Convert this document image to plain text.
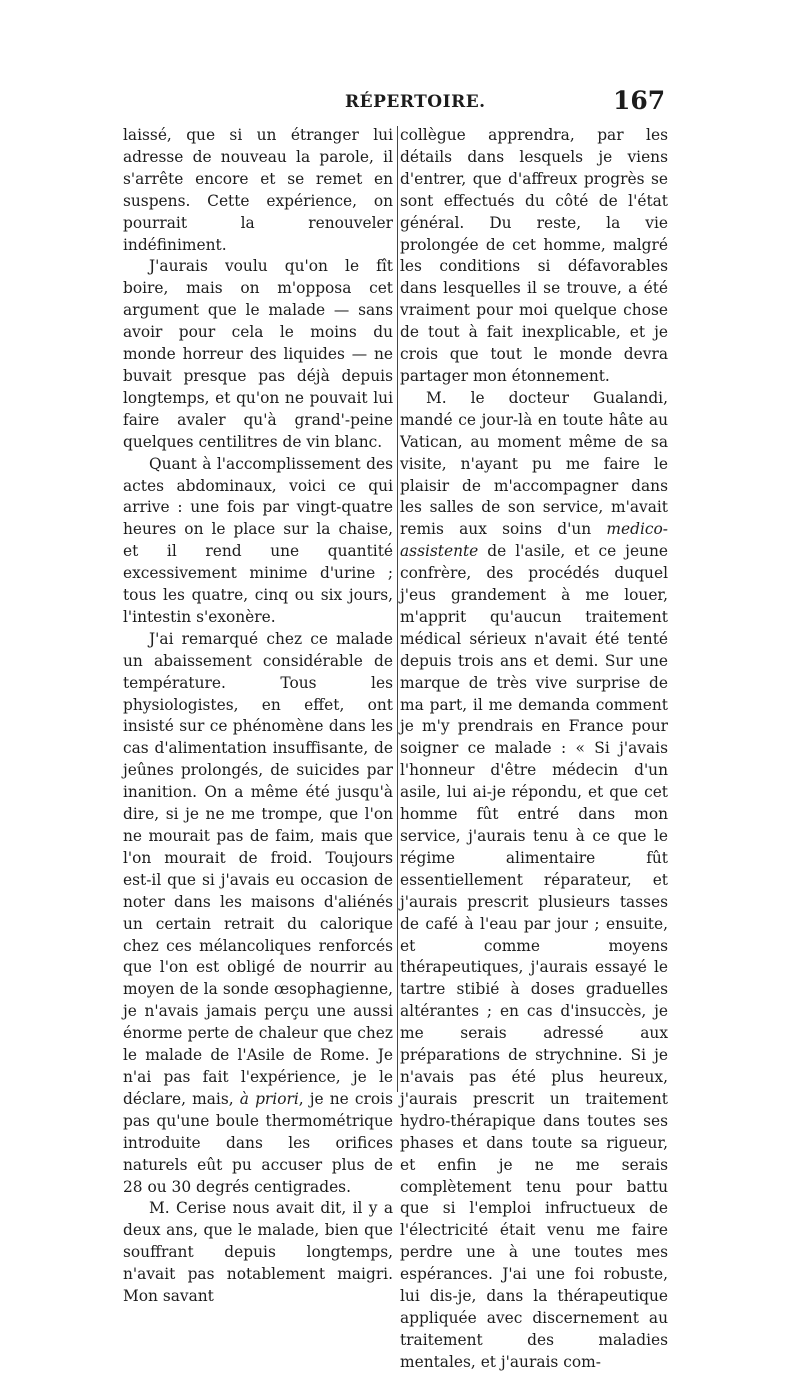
RÉPERTOIRE.	167

laissé, que si un étranger lui adresse de nouveau la parole, il s'arrête encore et se remet en suspens. Cette expérience, on pourrait la renouveler indéfiniment.

J'aurais voulu qu'on le fît boire, mais on m'opposa cet argument que le malade — sans avoir pour cela le moins du monde horreur des liquides — ne buvait presque pas déjà depuis longtemps, et qu'on ne pouvait lui faire avaler qu'à grand'-peine quelques centilitres de vin blanc.

Quant à l'accomplissement des actes abdominaux, voici ce qui arrive : une fois par vingt-quatre heures on le place sur la chaise, et il rend une quantité excessivement minime d'urine ; tous les quatre, cinq ou six jours, l'intestin s'exonère.

J'ai remarqué chez ce malade un abaissement considérable de température. Tous les physiologistes, en effet, ont insisté sur ce phénomène dans les cas d'alimentation insuffisante, de jeûnes prolongés, de suicides par inanition. On a même été jusqu'à dire, si je ne me trompe, que l'on ne mourait pas de faim, mais que l'on mourait de froid. Toujours est-il que si j'avais eu occasion de noter dans les maisons d'aliénés un certain retrait du calorique chez ces mélancoliques renforcés que l'on est obligé de nourrir au moyen de la sonde œsophagienne, je n'avais jamais perçu une aussi énorme perte de chaleur que chez le malade de l'Asile de Rome. Je n'ai pas fait l'expérience, je le déclare, mais, à priori, je ne crois pas qu'une boule thermométrique introduite dans les orifices naturels eût pu accuser plus de 28 ou 30 degrés centigrades.

M. Cerise nous avait dit, il y a deux ans, que le malade, bien que souffrant depuis longtemps, n'avait pas notablement maigri. Mon savant

collègue apprendra, par les détails dans lesquels je viens d'entrer, que d'affreux progrès se sont effectués du côté de l'état général. Du reste, la vie prolongée de cet homme, malgré les conditions si défavorables dans lesquelles il se trouve, a été vraiment pour moi quelque chose de tout à fait inexplicable, et je crois que tout le monde devra partager mon étonnement.

M. le docteur Gualandi, mandé ce jour-là en toute hâte au Vatican, au moment même de sa visite, n'ayant pu me faire le plaisir de m'accompagner dans les salles de son service, m'avait remis aux soins d'un medico-assistente de l'asile, et ce jeune confrère, des procédés duquel j'eus grandement à me louer, m'apprit qu'aucun traitement médical sérieux n'avait été tenté depuis trois ans et demi. Sur une marque de très vive surprise de ma part, il me demanda comment je m'y prendrais en France pour soigner ce malade : « Si j'avais l'honneur d'être médecin d'un asile, lui ai-je répondu, et que cet homme fût entré dans mon service, j'aurais tenu à ce que le régime alimentaire fût essentiellement réparateur, et j'aurais prescrit plusieurs tasses de café à l'eau par jour ; ensuite, et comme moyens thérapeutiques, j'aurais essayé le tartre stibié à doses graduelles altérantes ; en cas d'insuccès, je me serais adressé aux préparations de strychnine. Si je n'avais pas été plus heureux, j'aurais prescrit un traitement hydro-thérapique dans toutes ses phases et dans toute sa rigueur, et enfin je ne me serais complètement tenu pour battu que si l'emploi infructueux de l'électricité était venu me faire perdre une à une toutes mes espérances. J'ai une foi robuste, lui dis-je, dans la thérapeutique appliquée avec discernement au traitement des maladies mentales, et j'aurais com-
